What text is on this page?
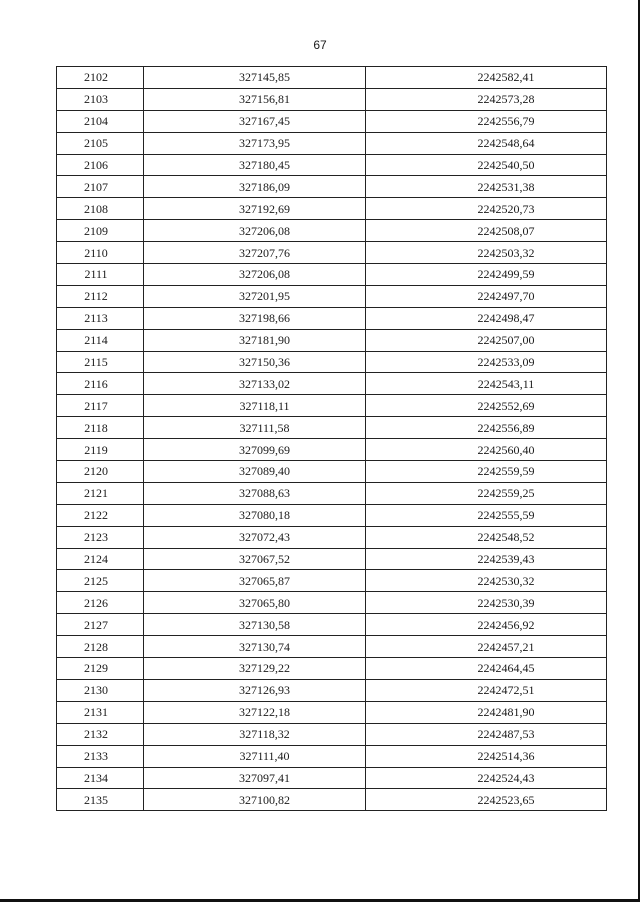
67
2102	327145,85	2242582,41
2103	327156,81	2242573,28
2104	327167,45	2242556,79
2105	327173,95	2242548,64
2106	327180,45	2242540,50
2107	327186,09	2242531,38
2108	327192,69	2242520,73
2109	327206,08	2242508,07
2110	327207,76	2242503,32
2111	327206,08	2242499,59
2112	327201,95	2242497,70
2113	327198,66	2242498,47
2114	327181,90	2242507,00
2115	327150,36	2242533,09
2116	327133,02	2242543,11
2117	327118,11	2242552,69
2118	327111,58	2242556,89
2119	327099,69	2242560,40
2120	327089,40	2242559,59
2121	327088,63	2242559,25
2122	327080,18	2242555,59
2123	327072,43	2242548,52
2124	327067,52	2242539,43
2125	327065,87	2242530,32
2126	327065,80	2242530,39
2127	327130,58	2242456,92
2128	327130,74	2242457,21
2129	327129,22	2242464,45
2130	327126,93	2242472,51
2131	327122,18	2242481,90
2132	327118,32	2242487,53
2133	327111,40	2242514,36
2134	327097,41	2242524,43
2135	327100,82	2242523,65
